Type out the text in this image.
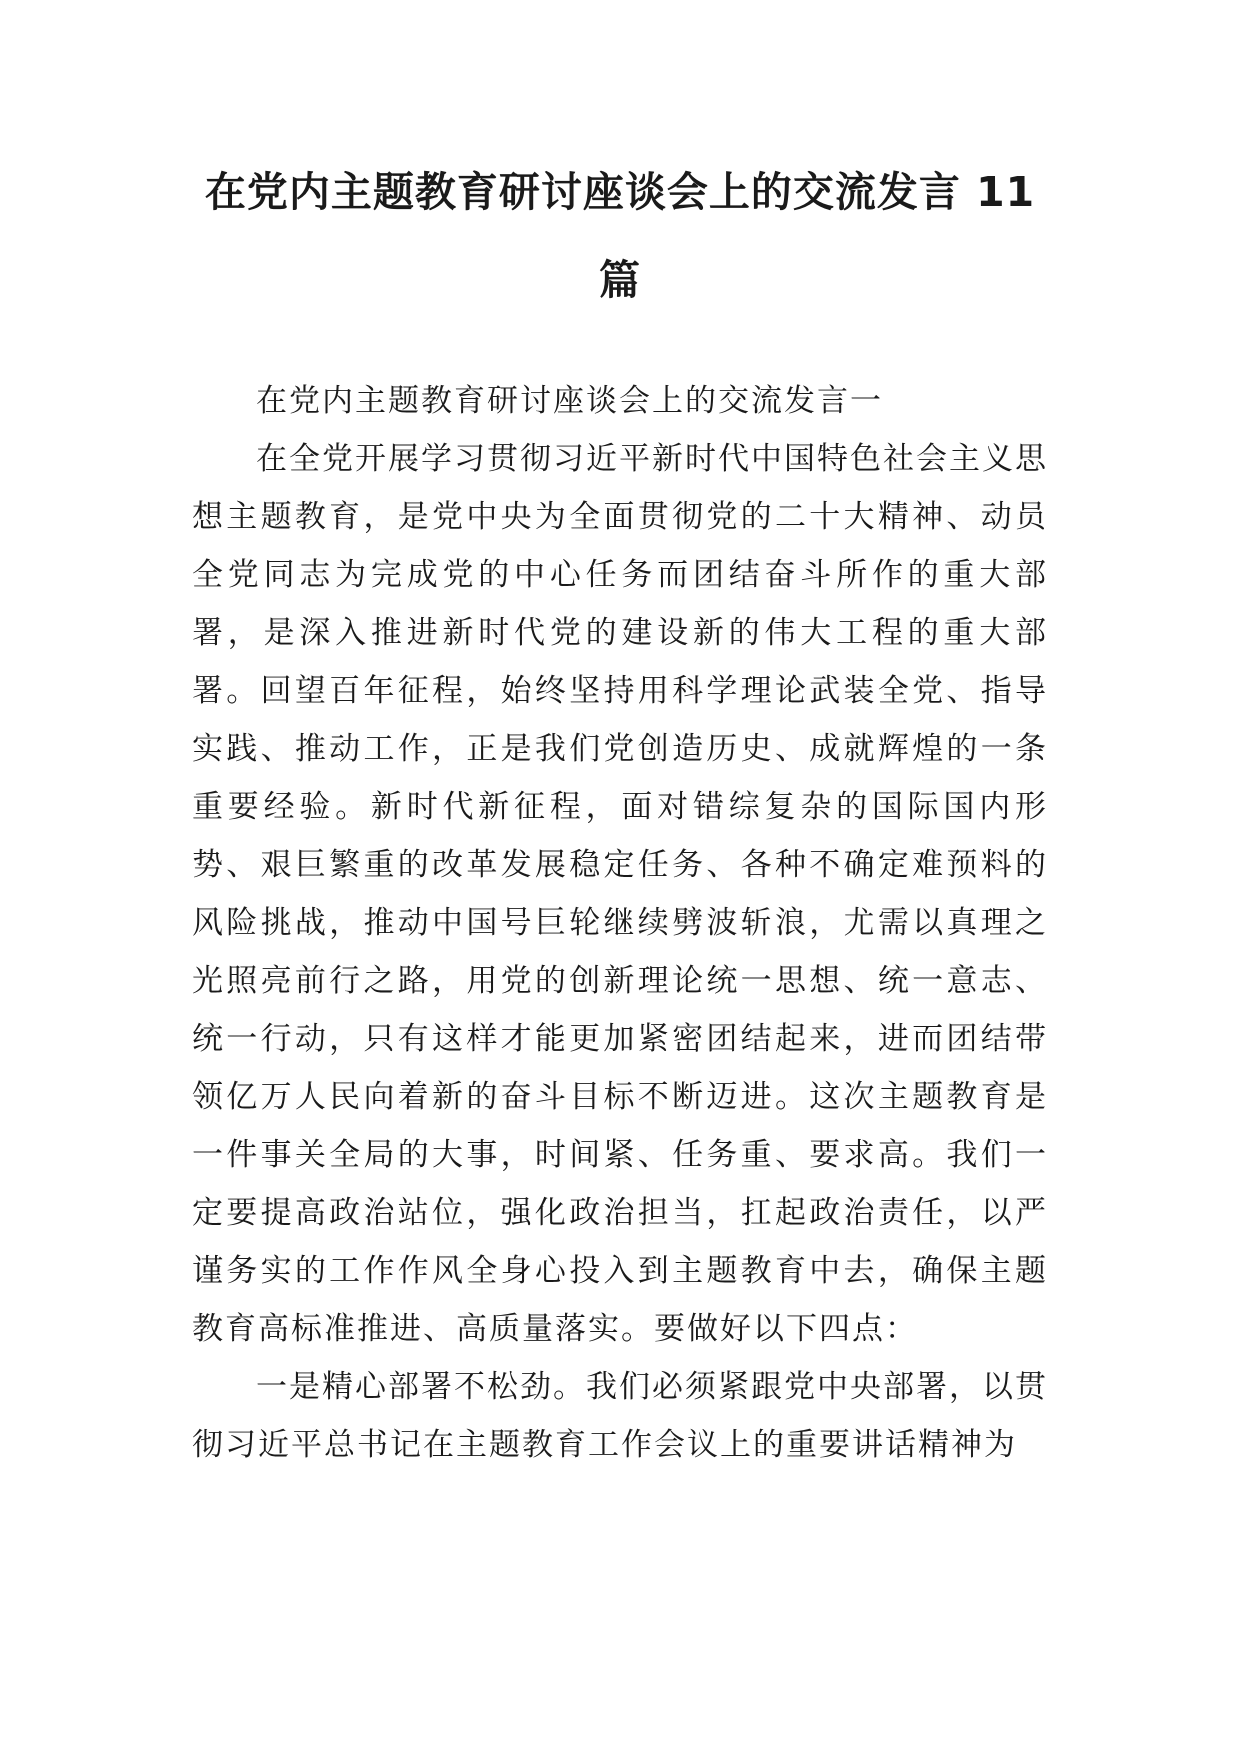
在党内主题教育研讨座谈会上的交流发言 11 篇

在党内主题教育研讨座谈会上的交流发言一

在全党开展学习贯彻习近平新时代中国特色社会主义思想主题教育，是党中央为全面贯彻党的二十大精神、动员全党同志为完成党的中心任务而团结奋斗所作的重大部署，是深入推进新时代党的建设新的伟大工程的重大部署。回望百年征程，始终坚持用科学理论武装全党、指导实践、推动工作，正是我们党创造历史、成就辉煌的一条重要经验。新时代新征程，面对错综复杂的国际国内形势、艰巨繁重的改革发展稳定任务、各种不确定难预料的风险挑战，推动中国号巨轮继续劈波斩浪，尤需以真理之光照亮前行之路，用党的创新理论统一思想、统一意志、统一行动，只有这样才能更加紧密团结起来，进而团结带领亿万人民向着新的奋斗目标不断迈进。这次主题教育是一件事关全局的大事，时间紧、任务重、要求高。我们一定要提高政治站位，强化政治担当，扛起政治责任，以严谨务实的工作作风全身心投入到主题教育中去，确保主题教育高标准推进、高质量落实。要做好以下四点：

一是精心部署不松劲。我们必须紧跟党中央部署，以贯彻习近平总书记在主题教育工作会议上的重要讲话精神为
